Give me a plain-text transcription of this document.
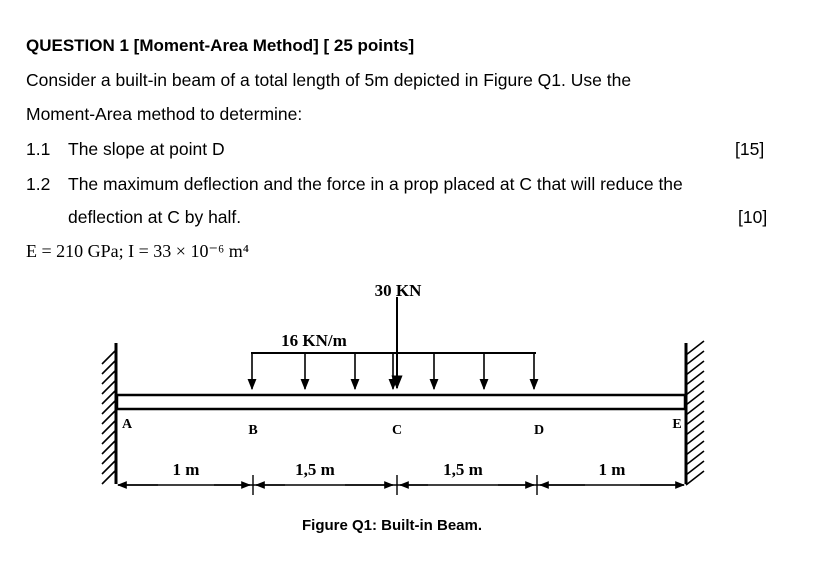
QUESTION 1 [Moment-Area Method] [ 25 points]
Consider a built-in beam of a total length of 5m depicted in Figure Q1. Use the
Moment-Area method to determine:
1.1 The slope at point D	[15]
1.2 The maximum deflection and the force in a prop placed at C that will reduce the
deflection at C by half.	[10]
E = 210 GPa; I = 33 × 10⁻⁶ m⁴
30 KN
16 KN/m
A	B	C	D	E
1 m	1,5 m	1,5 m	1 m
Figure Q1: Built-in Beam.
